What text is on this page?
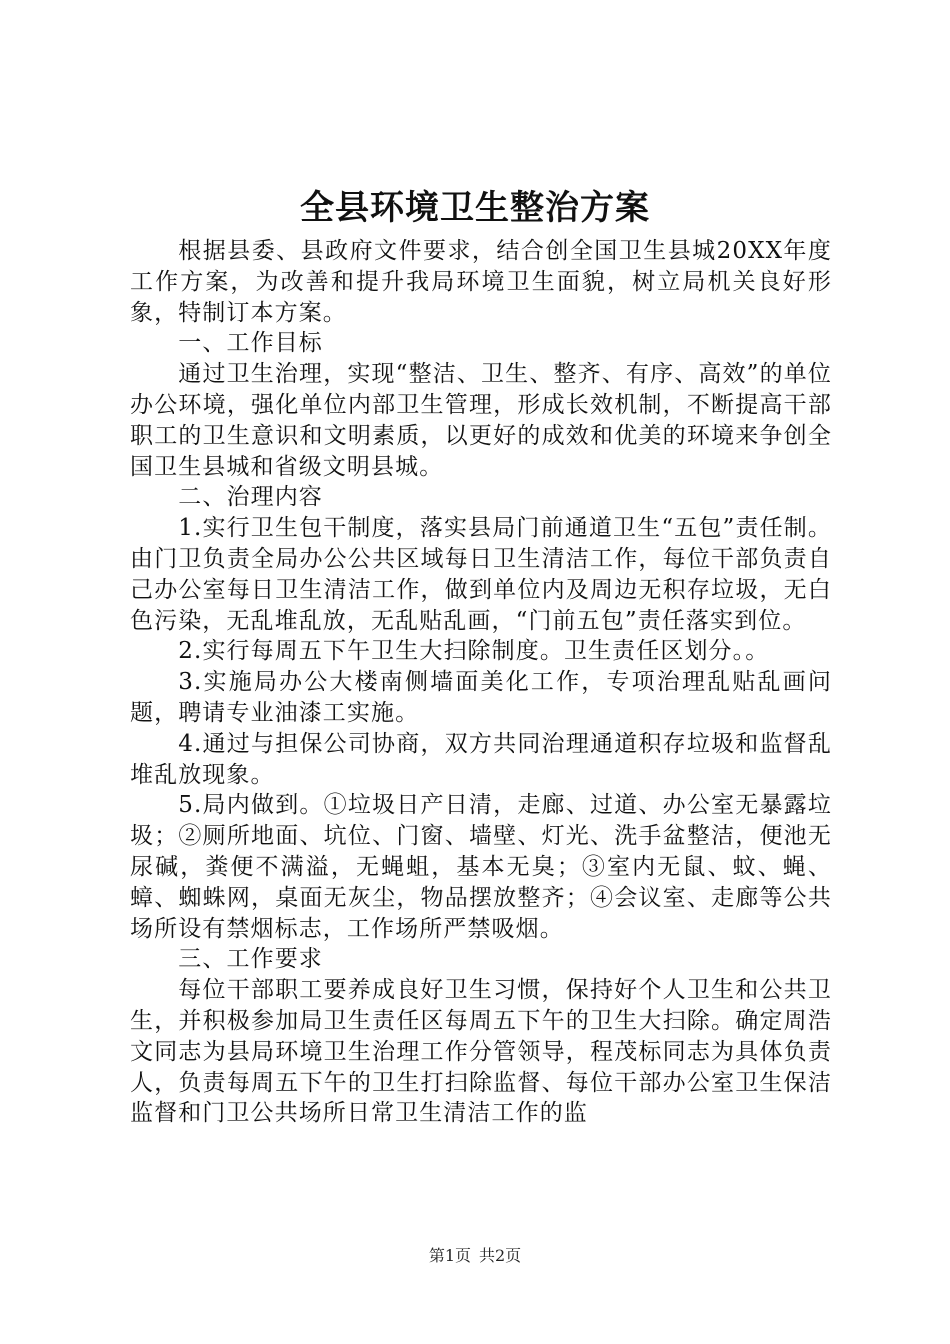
全县环境卫生整治方案

根据县委、县政府文件要求，结合创全国卫生县城20XX年度工作方案，为改善和提升我局环境卫生面貌，树立局机关良好形象，特制订本方案。

一、工作目标

通过卫生治理，实现“整洁、卫生、整齐、有序、高效”的单位办公环境，强化单位内部卫生管理，形成长效机制，不断提高干部职工的卫生意识和文明素质，以更好的成效和优美的环境来争创全国卫生县城和省级文明县城。

二、治理内容

1.实行卫生包干制度，落实县局门前通道卫生“五包”责任制。由门卫负责全局办公公共区域每日卫生清洁工作，每位干部负责自己办公室每日卫生清洁工作，做到单位内及周边无积存垃圾，无白色污染，无乱堆乱放，无乱贴乱画，“门前五包”责任落实到位。

2.实行每周五下午卫生大扫除制度。卫生责任区划分。。

3.实施局办公大楼南侧墙面美化工作，专项治理乱贴乱画问题，聘请专业油漆工实施。

4.通过与担保公司协商，双方共同治理通道积存垃圾和监督乱堆乱放现象。

5.局内做到。①垃圾日产日清，走廊、过道、办公室无暴露垃圾；②厕所地面、坑位、门窗、墙壁、灯光、洗手盆整洁，便池无尿碱，粪便不满溢，无蝇蛆，基本无臭；③室内无鼠、蚊、蝇、蟑、蜘蛛网，桌面无灰尘，物品摆放整齐；④会议室、走廊等公共场所设有禁烟标志，工作场所严禁吸烟。

三、工作要求

每位干部职工要养成良好卫生习惯，保持好个人卫生和公共卫生，并积极参加局卫生责任区每周五下午的卫生大扫除。确定周浩文同志为县局环境卫生治理工作分管领导，程茂标同志为具体负责人，负责每周五下午的卫生打扫除监督、每位干部办公室卫生保洁监督和门卫公共场所日常卫生清洁工作的监

第1页 共2页
